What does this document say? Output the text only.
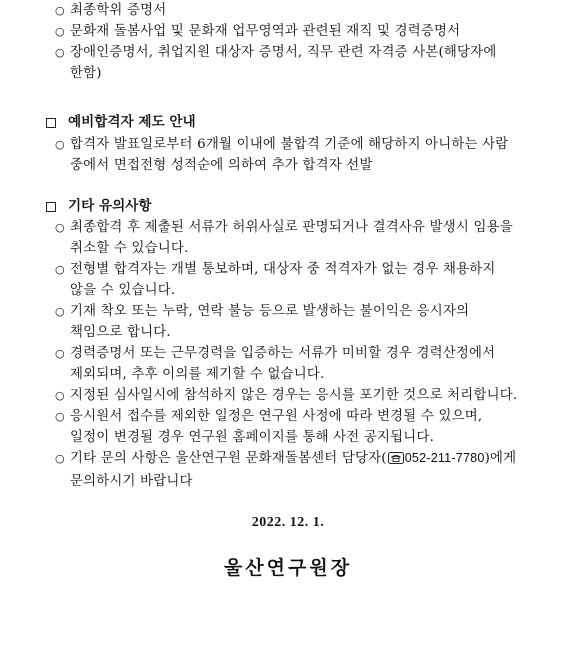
○ 최종학위 증명서
○ 문화재 돌봄사업 및 문화재 업무영역과 관련된 재직 및 경력증명서
○ 장애인증명서, 취업지원 대상자 증명서, 직무 관련 자격증 사본(해당자에 한함)
예비합격자 제도 안내
○ 합격자 발표일로부터 6개월 이내에 불합격 기준에 해당하지 아니하는 사람 중에서 면접전형 성적순에 의하여 추가 합격자 선발
기타 유의사항
○ 최종합격 후 제출된 서류가 허위사실로 판명되거나 결격사유 발생시 임용을 취소할 수 있습니다.
○ 전형별 합격자는 개별 통보하며, 대상자 중 적격자가 없는 경우 채용하지 않을 수 있습니다.
○ 기재 착오 또는 누락, 연락 불능 등으로 발생하는 불이익은 응시자의 책임으로 합니다.
○ 경력증명서 또는 근무경력을 입증하는 서류가 미비할 경우 경력산정에서 제외되며, 추후 이의를 제기할 수 없습니다.
○ 지정된 심사일시에 참석하지 않은 경우는 응시를 포기한 것으로 처리합니다.
○ 응시원서 접수를 제외한 일정은 연구원 사정에 따라 변경될 수 있으며, 일정이 변경될 경우 연구원 홈페이지를 통해 사전 공지됩니다.
○ 기타 문의 사항은 울산연구원 문화재돌봄센터 담당자( 052-211-7780)에게 문의하시기 바랍니다
2022. 12. 1.
울산연구원장
